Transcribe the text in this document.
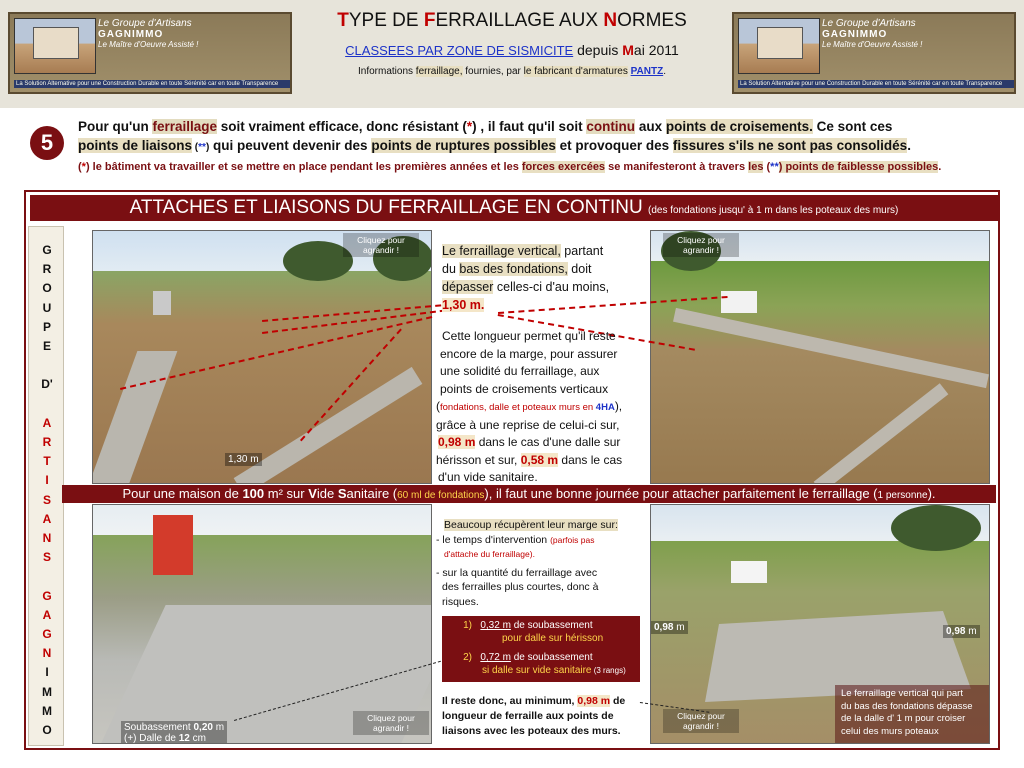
Le Groupe d'Artisans
GAGNIMMO
Le Maître d'Oeuvre Assisté !
La Solution Alternative pour une Construction Durable en toute Sérénité car en toute Transparence
Le Groupe d'Artisans
GAGNIMMO
Le Maître d'Oeuvre Assisté !
La Solution Alternative pour une Construction Durable en toute Sérénité car en toute Transparence
TYPE DE FERRAILLAGE AUX NORMES
CLASSEES PAR ZONE DE SISMICITE depuis Mai 2011
Informations ferraillage, fournies, par le fabricant d'armatures PANTZ.
5
Pour qu'un ferraillage soit vraiment efficace, donc résistant (*) , il faut qu'il soit continu aux points de croisements. Ce sont ces
points de liaisons (**) qui peuvent devenir des points de ruptures possibles et provoquer des fissures s'ils ne sont pas consolidés.
(*) le bâtiment va travailler et se mettre en place pendant les premières années et les forces exercées se manifesteront à travers les (**) points de faiblesse possibles.
ATTACHES ET LIAISONS DU FERRAILLAGE EN CONTINU (des fondations jusqu' à 1 m dans les poteaux des murs)
G
R
O
U
P
E
D'
A
R
T
I
S
A
N
S
G
A
G
N
I
M
M
O
Cliquez pour agrandir !
1,30 m
Cliquez pour agrandir !
Cliquez pour agrandir !
Soubassement 0,20 m
(+) Dalle de 12 cm
Cliquez pour agrandir !
0,98 m	0,98 m
Le ferraillage vertical qui part
du bas des fondations dépasse
de la dalle d' 1 m pour croiser
celui des murs poteaux
Le ferraillage vertical, partant
du bas des fondations, doit
dépasser celles-ci d'au moins,
1,30 m.
Cette longueur permet qu'il reste
encore de la marge, pour assurer
une solidité du ferraillage, aux
points de croisements verticaux
(fondations, dalle et poteaux murs en 4HA),
grâce à une reprise de celui-ci sur,
0,98 m dans le cas d'une dalle sur
hérisson et sur, 0,58 m dans le cas
d'un vide sanitaire.
Pour une maison de 100 m² sur Vide Sanitaire (60 ml de fondations), il faut une bonne journée pour attacher parfaitement le ferraillage (1 personne).
Beaucoup récupèrent leur marge sur:
- le temps d'intervention (parfois pas
d'attache du ferraillage).
- sur la quantité du ferraillage avec
des ferrailles plus courtes, donc à
risques.
1) 0,32 m de soubassement
pour dalle sur hérisson
2) 0,72 m de soubassement
si dalle sur vide sanitaire (3 rangs)
Il reste donc, au minimum, 0,98 m de
longueur de ferraille aux points de
liaisons avec les poteaux des murs.
